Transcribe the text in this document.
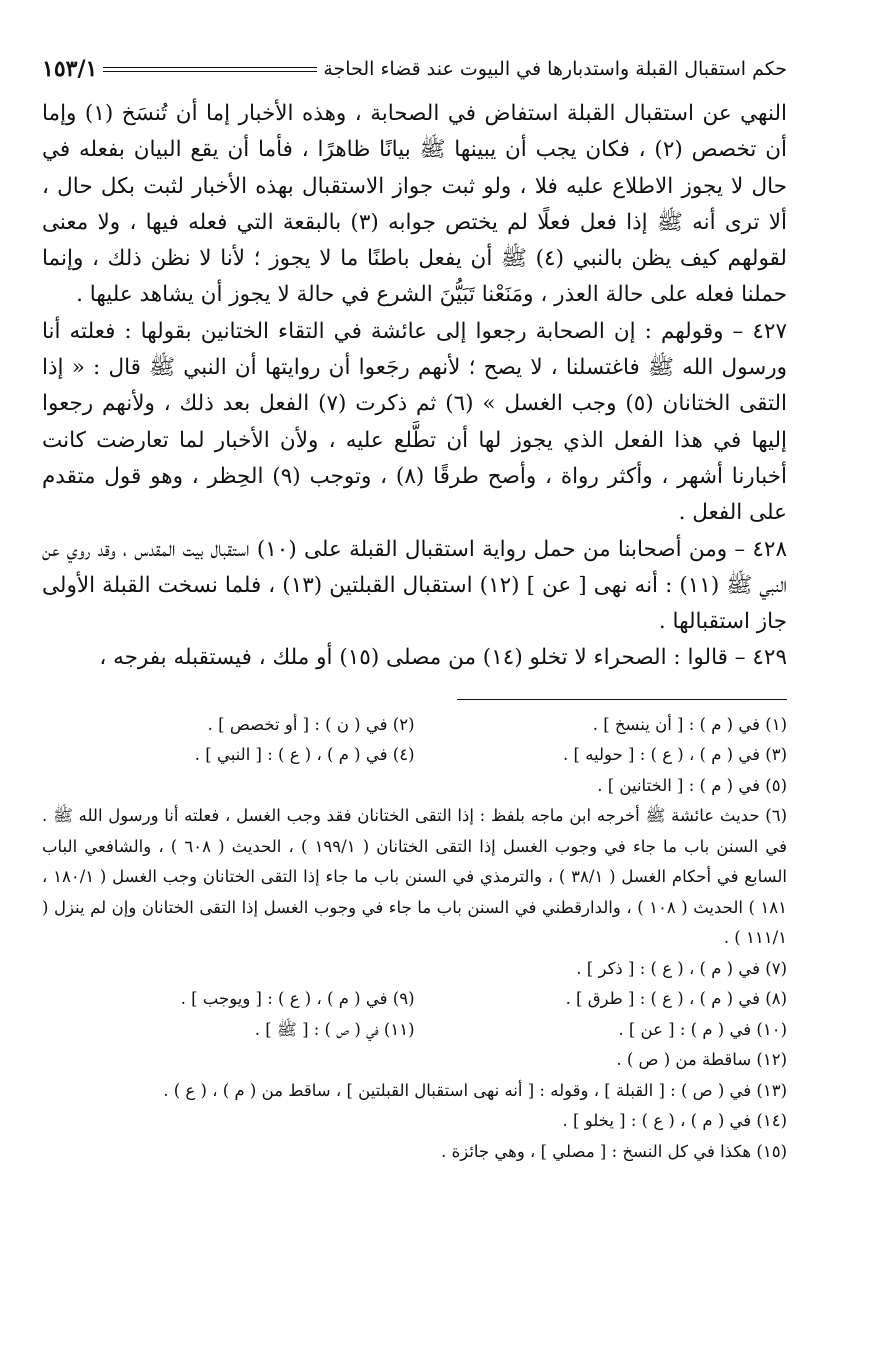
حكم استقبال القبلة واستدبارها في البيوت عند قضاء الحاجة
١٥٣/١

النهي عن استقبال القبلة استفاض في الصحابة ، وهذه الأخبار إما أن تُنسَخ (١) وإما أن تخصص (٢) ، فكان يجب أن يبينها ﷺ بيانًا ظاهرًا ، فأما أن يقع البيان بفعله في حال لا يجوز الاطلاع عليه فلا ، ولو ثبت جواز الاستقبال بهذه الأخبار لثبت بكل حال ، ألا ترى أنه ﷺ إذا فعل فعلًا لم يختص جوابه (٣) بالبقعة التي فعله فيها ، ولا معنى لقولهم كيف يظن بالنبي (٤) ﷺ أن يفعل باطنًا ما لا يجوز ؛ لأنا لا نظن ذلك ، وإنما حملنا فعله على حالة العذر ، ومَنَعْنا تَبَيُّنَ الشرع في حالة لا يجوز أن يشاهد عليها .

٤٢٧ – وقولهم : إن الصحابة رجعوا إلى عائشة في التقاء الختانين بقولها : فعلته أنا ورسول الله ﷺ فاغتسلنا ، لا يصح ؛ لأنهم رجَعوا أن روايتها أن النبي ﷺ قال : « إذا التقى الختانان (٥) وجب الغسل » (٦) ثم ذكرت (٧) الفعل بعد ذلك ، ولأنهم رجعوا إليها في هذا الفعل الذي يجوز لها أن تطَّلع عليه ، ولأن الأخبار لما تعارضت كانت أخبارنا أشهر ، وأكثر رواة ، وأصح طرقًا (٨) ، وتوجب (٩) الحِظر ، وهو قول متقدم على الفعل .

٤٢٨ – ومن أصحابنا من حمل رواية استقبال القبلة على (١٠) استقبال بيت المقدس ، وقد روي عن النبي ﷺ (١١) : أنه نهى [ عن ] (١٢) استقبال القبلتين (١٣) ، فلما نسخت القبلة الأولى جاز استقبالها .

٤٢٩ – قالوا : الصحراء لا تخلو (١٤) من مصلى (١٥) أو ملك ، فيستقبله بفرجه ،

(١) في ( م ) : [ أن ينسخ ] .
(٢) في ( ن ) : [ أو تخصص ] .
(٣) في ( م ) ، ( ع ) : [ حوليه ] .
(٤) في ( م ) ، ( ع ) : [ النبي ] .
(٥) في ( م ) : [ الختانين ] .
(٦) حديث عائشة ﷺ أخرجه ابن ماجه بلفظ : إذا التقى الختانان فقد وجب الغسل ، فعلته أنا ورسول الله ﷺ . في السنن باب ما جاء في وجوب الغسل إذا التقى الختانان ( ١٩٩/١ ) ، الحديث ( ٦٠٨ ) ، والشافعي الباب السابع في أحكام الغسل ( ٣٨/١ ) ، والترمذي في السنن باب ما جاء إذا التقى الختانان وجب الغسل ( ١٨٠/١ ، ١٨١ ) الحديث ( ١٠٨ ) ، والدارقطني في السنن باب ما جاء في وجوب الغسل إذا التقى الختانان وإن لم ينزل ( ١١١/١ ) .
(٧) في ( م ) ، ( ع ) : [ ذكر ] .
(٨) في ( م ) ، ( ع ) : [ طرق ] .
(٩) في ( م ) ، ( ع ) : [ ويوجب ] .
(١٠) في ( م ) : [ عن ] .
(١١) في ( ص ) : [ ﷺ ] .
(١٢) ساقطة من ( ص ) .
(١٣) في ( ص ) : [ القبلة ] ، وقوله : [ أنه نهى استقبال القبلتين ] ، ساقط من ( م ) ، ( ع ) .
(١٤) في ( م ) ، ( ع ) : [ يخلو ] .
(١٥) هكذا في كل النسخ : [ مصلي ] ، وهي جائزة .
